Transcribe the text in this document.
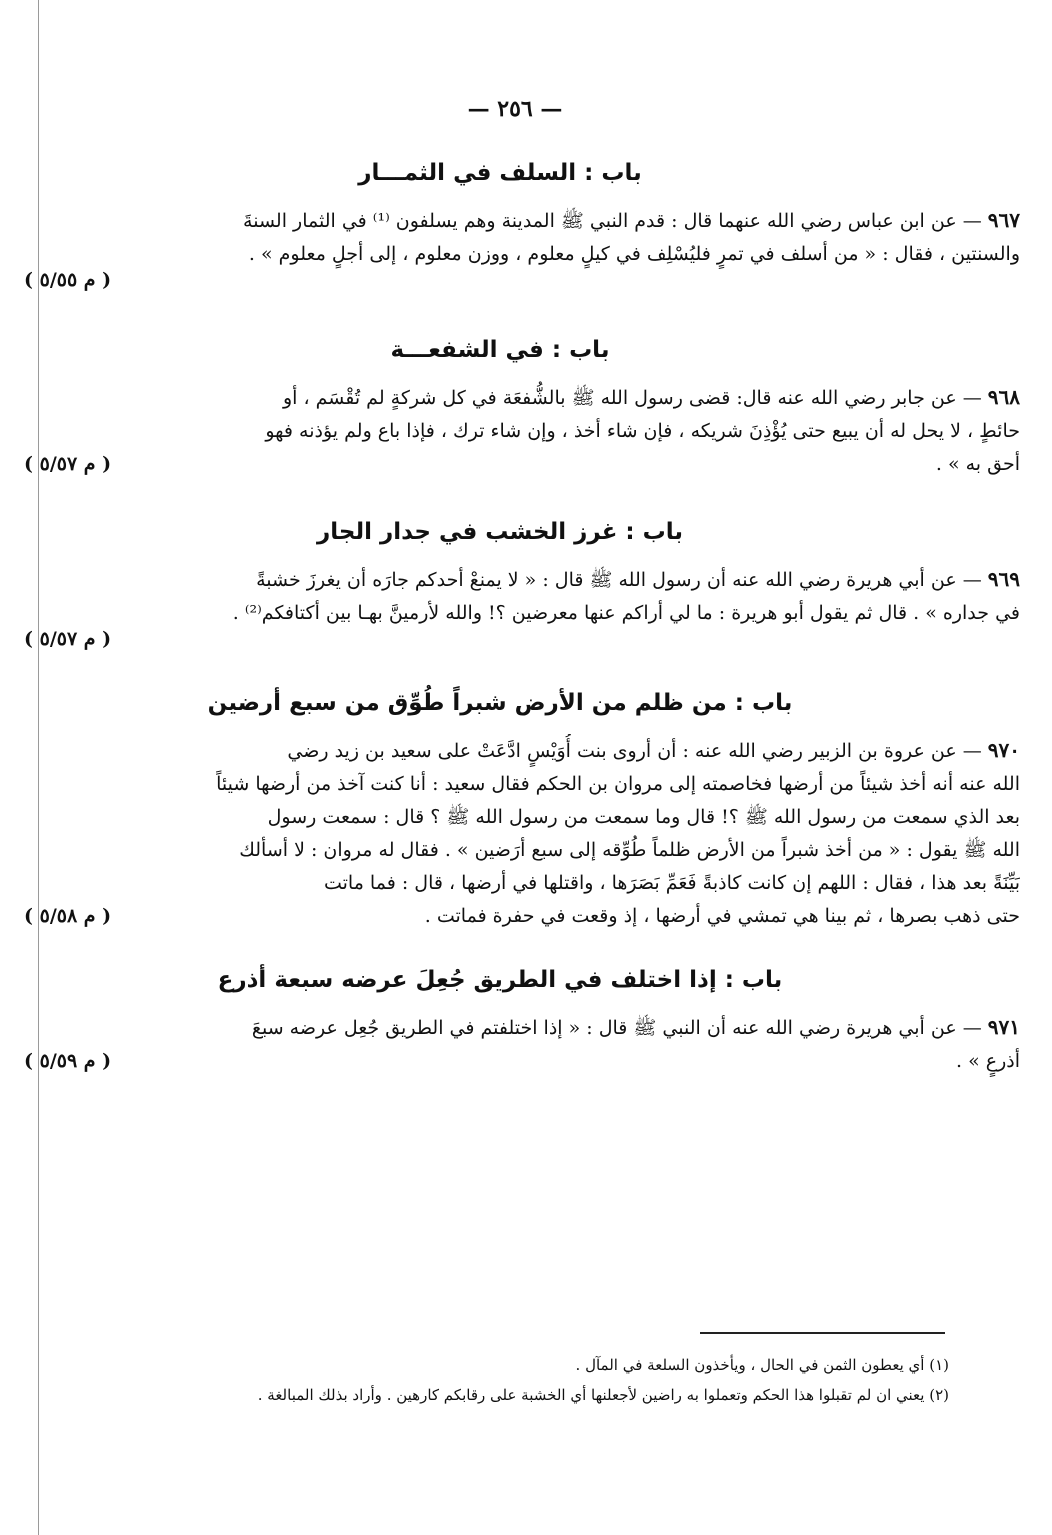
— ٢٥٦ —
باب : السلف في الثمـــار
٩٦٧ — عن ابن عباس رضي الله عنهما قال : قدم النبي ﷺ المدينة وهم يسلفون ⁽¹⁾ في الثمار السنةَ
والسنتين ، فقال : « من أسلف في تمرٍ فليُسْلِف في كيلٍ معلوم ، ووزن معلوم ، إلى أجلٍ معلوم » .
( م ٥/٥٥ )
باب : في الشفعـــة
٩٦٨ — عن جابر رضي الله عنه قال: قضى رسول الله ﷺ بالشُّفعَة في كل شركةٍ لم تُقْسَم ، أو
حائطٍ ، لا يحل له أن يبيع حتى يُؤْذِنَ شريكه ، فإن شاء أخذ ، وإن شاء ترك ، فإذا باع ولم يؤذنه فهو
أحق به » .
( م ٥/٥٧ )
باب : غرز الخشب في جدار الجار
٩٦٩ — عن أبي هريرة رضي الله عنه أن رسول الله ﷺ قال : « لا يمنعْ أحدكم جارَه أن يغرزَ خشبةً
في جداره » . قال ثم يقول أبو هريرة : ما لي أراكم عنها معرضين ؟! والله لأرمينَّ بهـا بين أكتافكم⁽²⁾ .
( م ٥/٥٧ )
باب : من ظلم من الأرض شبراً طُوِّق من سبع أرضين
٩٧٠ — عن عروة بن الزبير رضي الله عنه : أن أروى بنت أُوَيْسٍ ادَّعَتْ على سعيد بن زيد رضي
الله عنه أنه أخذ شيئاً من أرضها فخاصمته إلى مروان بن الحكم فقال سعيد : أنا كنت آخذ من أرضها شيئاً
بعد الذي سمعت من رسول الله ﷺ ؟! قال وما سمعت من رسول الله ﷺ ؟ قال : سمعت رسول
الله ﷺ يقول : « من أخذ شبراً من الأرض ظلماً طُوِّقه إلى سبع أرَضين » . فقال له مروان : لا أسألك
بَيِّنَةً بعد هذا ، فقال : اللهم إن كانت كاذبةً فَعَمِّ بَصَرَها ، واقتلها في أرضها ، قال : فما ماتت
حتى ذهب بصرها ، ثم بينا هي تمشي في أرضها ، إذ وقعت في حفرة فماتت .
( م ٥/٥٨ )
باب : إذا اختلف في الطريق جُعِلَ عرضه سبعة أذرع
٩٧١ — عن أبي هريرة رضي الله عنه أن النبي ﷺ قال : « إذا اختلفتم في الطريق جُعِل عرضه سبعَ
أذرعٍ » .
( م ٥/٥٩ )
(١) أي يعطون الثمن في الحال ، ويأخذون السلعة في المآل .
(٢) يعني ان لم تقبلوا هذا الحكم وتعملوا به راضين لأجعلنها أي الخشبة على رقابكم كارهين . وأراد بذلك المبالغة .
